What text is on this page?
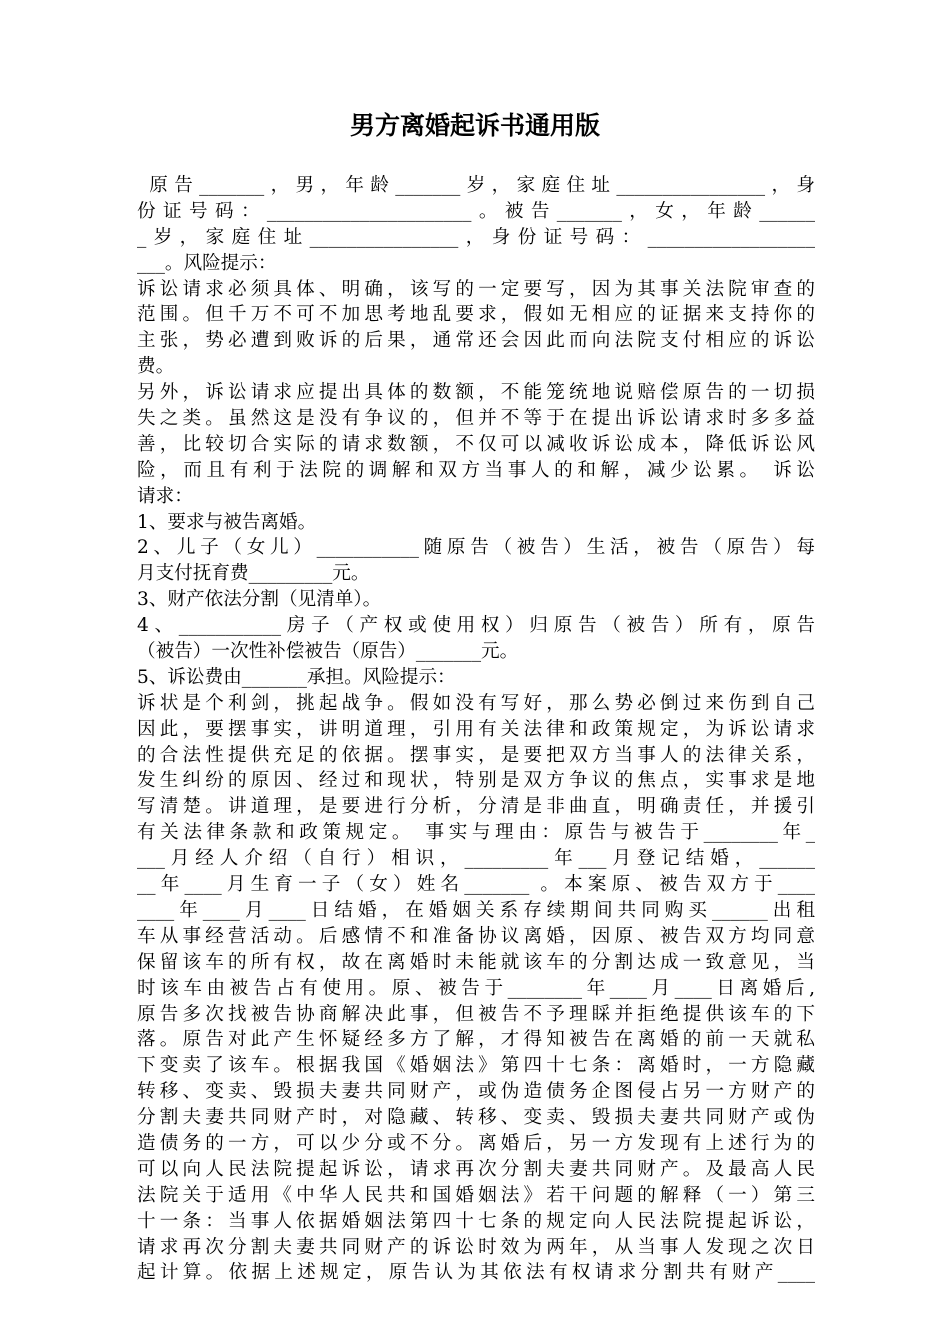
男方离婚起诉书通用版
原告_______，男，年龄_______岁，家庭住址________________，身
份证号码：______________________。被告_______，女，年龄______
_岁，家庭住址________________，身份证号码：__________________
___。风险提示：
诉讼请求必须具体、明确，该写的一定要写，因为其事关法院审查的
范围。但千万不可不加思考地乱要求，假如无相应的证据来支持你的
主张，势必遭到败诉的后果，通常还会因此而向法院支付相应的诉讼
费。
另外，诉讼请求应提出具体的数额，不能笼统地说赔偿原告的一切损
失之类。虽然这是没有争议的，但并不等于在提出诉讼请求时多多益
善，比较切合实际的请求数额，不仅可以减收诉讼成本，降低诉讼风
险，而且有利于法院的调解和双方当事人的和解，减少讼累。 诉讼
请求：
1、要求与被告离婚。
2、儿子（女儿）___________随原告（被告）生活，被告（原告）每
月支付抚育费_________元。
3、财产依法分割（见清单）。
4、___________房子（产权或使用权）归原告（被告）所有，原告
（被告）一次性补偿被告（原告）_______元。
5、诉讼费由_______承担。风险提示：
诉状是个利剑，挑起战争。假如没有写好，那么势必倒过来伤到自己
因此，要摆事实，讲明道理，引用有关法律和政策规定，为诉讼请求
的合法性提供充足的依据。摆事实，是要把双方当事人的法律关系，
发生纠纷的原因、经过和现状，特别是双方争议的焦点，实事求是地
写清楚。讲道理，是要进行分析，分清是非曲直，明确责任，并援引
有关法律条款和政策规定。 事实与理由：原告与被告于________年_
___月经人介绍（自行）相识，_________年___月登记结婚，______
__年____月生育一子（女）姓名_______ 。本案原、被告双方于____
____年____月____日结婚，在婚姻关系存续期间共同购买______出租
车从事经营活动。后感情不和准备协议离婚，因原、被告双方均同意
保留该车的所有权，故在离婚时未能就该车的分割达成一致意见，当
时该车由被告占有使用。原、被告于________年____月____日离婚后,
原告多次找被告协商解决此事，但被告不予理睬并拒绝提供该车的下
落。原告对此产生怀疑经多方了解，才得知被告在离婚的前一天就私
下变卖了该车。根据我国《婚姻法》第四十七条：离婚时，一方隐藏
转移、变卖、毁损夫妻共同财产，或伪造债务企图侵占另一方财产的
分割夫妻共同财产时，对隐藏、转移、变卖、毁损夫妻共同财产或伪
造债务的一方，可以少分或不分。离婚后，另一方发现有上述行为的
可以向人民法院提起诉讼，请求再次分割夫妻共同财产。及最高人民
法院关于适用《中华人民共和国婚姻法》若干问题的解释（一）第三
十一条：当事人依据婚姻法第四十七条的规定向人民法院提起诉讼，
请求再次分割夫妻共同财产的诉讼时效为两年，从当事人发现之次日
起计算。依据上述规定，原告认为其依法有权请求分割共有财产____
